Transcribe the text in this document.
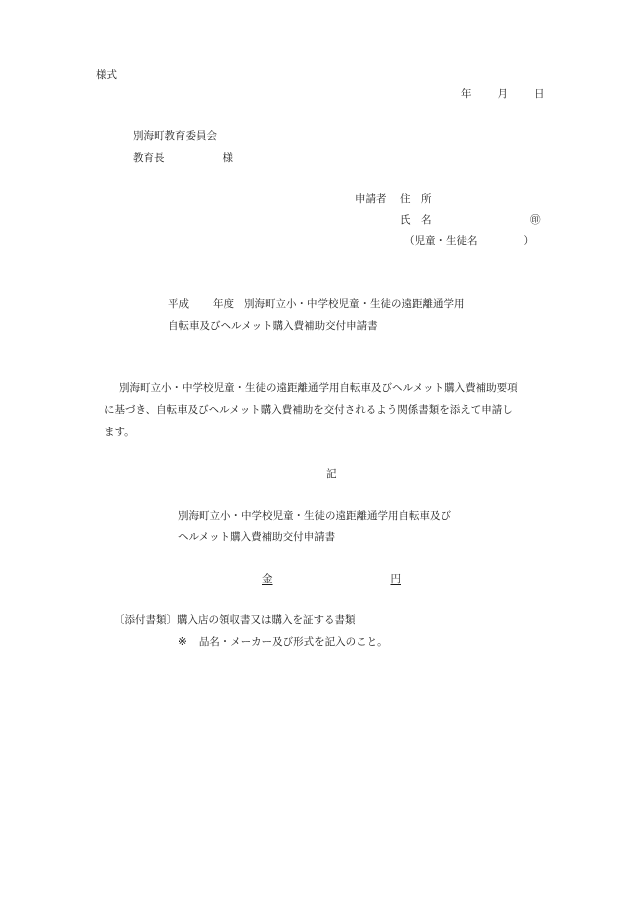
様式
年 月 日
別海町教育委員会
教育長	様
申請者 住　所
氏　名	㊞
（児童・生徒名	）
平成 年度 別海町立小・中学校児童・生徒の遠距離通学用
自転車及びヘルメット購入費補助交付申請書
別海町立小・中学校児童・生徒の遠距離通学用自転車及びヘルメット購入費補助要項
に基づき、自転車及びヘルメット購入費補助を交付されるよう関係書類を添えて申請し
ます。
記
別海町立小・中学校児童・生徒の遠距離通学用自転車及び
ヘルメット購入費補助交付申請書
金	円
〔添付書類〕購入店の領収書又は購入を証する書類
※ 品名・メーカー及び形式を記入のこと。
